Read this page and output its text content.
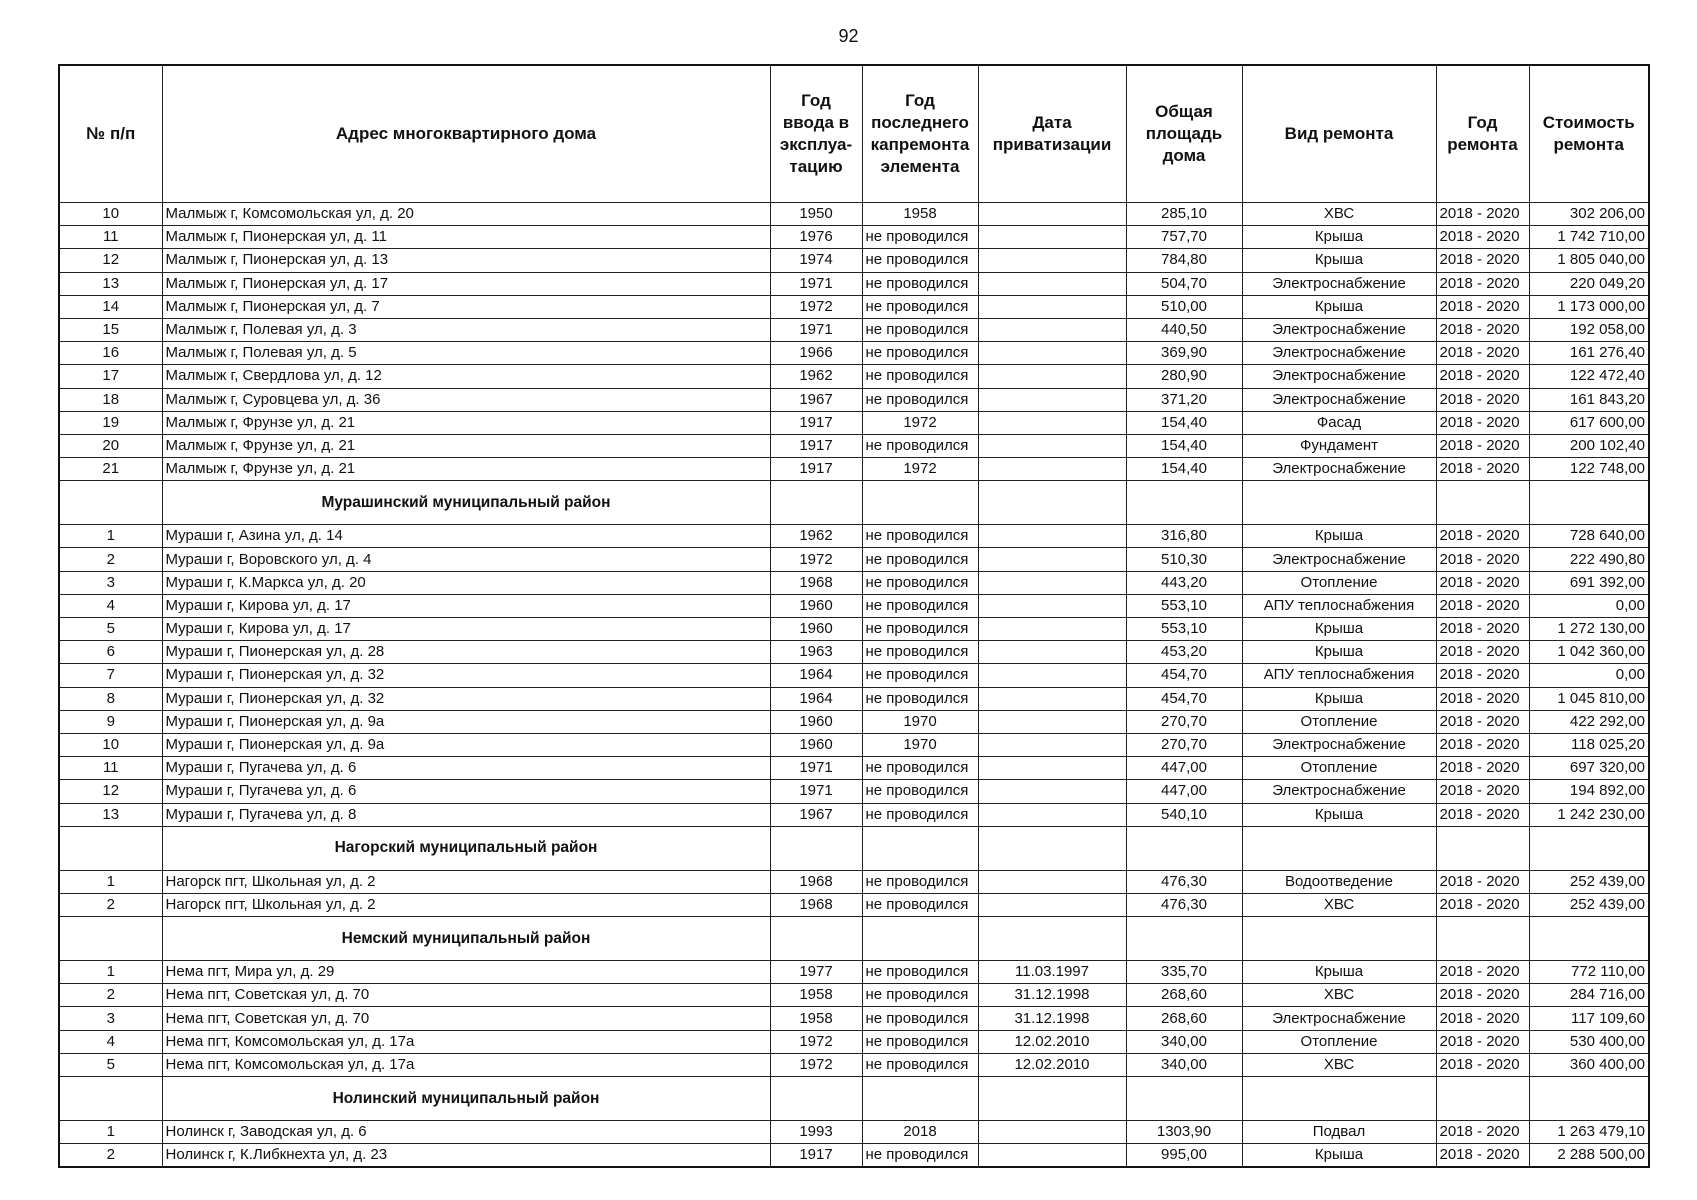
92
№ п/п	Адрес многоквартирного дома	Год ввода в эксплуа-тацию	Год последнего капремонта элемента	Дата приватизации	Общая площадь дома	Вид ремонта	Год ремонта	Стоимость ремонта
10	Малмыж г, Комсомольская ул, д. 20	1950	1958		285,10	ХВС	2018 - 2020	302 206,00
11	Малмыж г, Пионерская ул, д. 11	1976	не проводился		757,70	Крыша	2018 - 2020	1 742 710,00
12	Малмыж г, Пионерская ул, д. 13	1974	не проводился		784,80	Крыша	2018 - 2020	1 805 040,00
13	Малмыж г, Пионерская ул, д. 17	1971	не проводился		504,70	Электроснабжение	2018 - 2020	220 049,20
14	Малмыж г, Пионерская ул, д. 7	1972	не проводился		510,00	Крыша	2018 - 2020	1 173 000,00
15	Малмыж г, Полевая ул, д. 3	1971	не проводился		440,50	Электроснабжение	2018 - 2020	192 058,00
16	Малмыж г, Полевая ул, д. 5	1966	не проводился		369,90	Электроснабжение	2018 - 2020	161 276,40
17	Малмыж г, Свердлова ул, д. 12	1962	не проводился		280,90	Электроснабжение	2018 - 2020	122 472,40
18	Малмыж г, Суровцева ул, д. 36	1967	не проводился		371,20	Электроснабжение	2018 - 2020	161 843,20
19	Малмыж г, Фрунзе ул, д. 21	1917	1972		154,40	Фасад	2018 - 2020	617 600,00
20	Малмыж г, Фрунзе ул, д. 21	1917	не проводился		154,40	Фундамент	2018 - 2020	200 102,40
21	Малмыж г, Фрунзе ул, д. 21	1917	1972		154,40	Электроснабжение	2018 - 2020	122 748,00
	Мурашинский муниципальный район							
1	Мураши г, Азина ул, д. 14	1962	не проводился		316,80	Крыша	2018 - 2020	728 640,00
2	Мураши г, Воровского ул, д. 4	1972	не проводился		510,30	Электроснабжение	2018 - 2020	222 490,80
3	Мураши г, К.Маркса ул, д. 20	1968	не проводился		443,20	Отопление	2018 - 2020	691 392,00
4	Мураши г, Кирова ул, д. 17	1960	не проводился		553,10	АПУ теплоснабжения	2018 - 2020	0,00
5	Мураши г, Кирова ул, д. 17	1960	не проводился		553,10	Крыша	2018 - 2020	1 272 130,00
6	Мураши г, Пионерская ул, д. 28	1963	не проводился		453,20	Крыша	2018 - 2020	1 042 360,00
7	Мураши г, Пионерская ул, д. 32	1964	не проводился		454,70	АПУ теплоснабжения	2018 - 2020	0,00
8	Мураши г, Пионерская ул, д. 32	1964	не проводился		454,70	Крыша	2018 - 2020	1 045 810,00
9	Мураши г, Пионерская ул, д. 9а	1960	1970		270,70	Отопление	2018 - 2020	422 292,00
10	Мураши г, Пионерская ул, д. 9а	1960	1970		270,70	Электроснабжение	2018 - 2020	118 025,20
11	Мураши г, Пугачева ул, д. 6	1971	не проводился		447,00	Отопление	2018 - 2020	697 320,00
12	Мураши г, Пугачева ул, д. 6	1971	не проводился		447,00	Электроснабжение	2018 - 2020	194 892,00
13	Мураши г, Пугачева ул, д. 8	1967	не проводился		540,10	Крыша	2018 - 2020	1 242 230,00
	Нагорский муниципальный район							
1	Нагорск пгт, Школьная ул, д. 2	1968	не проводился		476,30	Водоотведение	2018 - 2020	252 439,00
2	Нагорск пгт, Школьная ул, д. 2	1968	не проводился		476,30	ХВС	2018 - 2020	252 439,00
	Немский муниципальный район							
1	Нема пгт, Мира ул, д. 29	1977	не проводился	11.03.1997	335,70	Крыша	2018 - 2020	772 110,00
2	Нема пгт, Советская ул, д. 70	1958	не проводился	31.12.1998	268,60	ХВС	2018 - 2020	284 716,00
3	Нема пгт, Советская ул, д. 70	1958	не проводился	31.12.1998	268,60	Электроснабжение	2018 - 2020	117 109,60
4	Нема пгт, Комсомольская ул, д. 17а	1972	не проводился	12.02.2010	340,00	Отопление	2018 - 2020	530 400,00
5	Нема пгт, Комсомольская ул, д. 17а	1972	не проводился	12.02.2010	340,00	ХВС	2018 - 2020	360 400,00
	Нолинский муниципальный район							
1	Нолинск г, Заводская ул, д. 6	1993	2018		1303,90	Подвал	2018 - 2020	1 263 479,10
2	Нолинск г, К.Либкнехта ул, д. 23	1917	не проводился		995,00	Крыша	2018 - 2020	2 288 500,00
